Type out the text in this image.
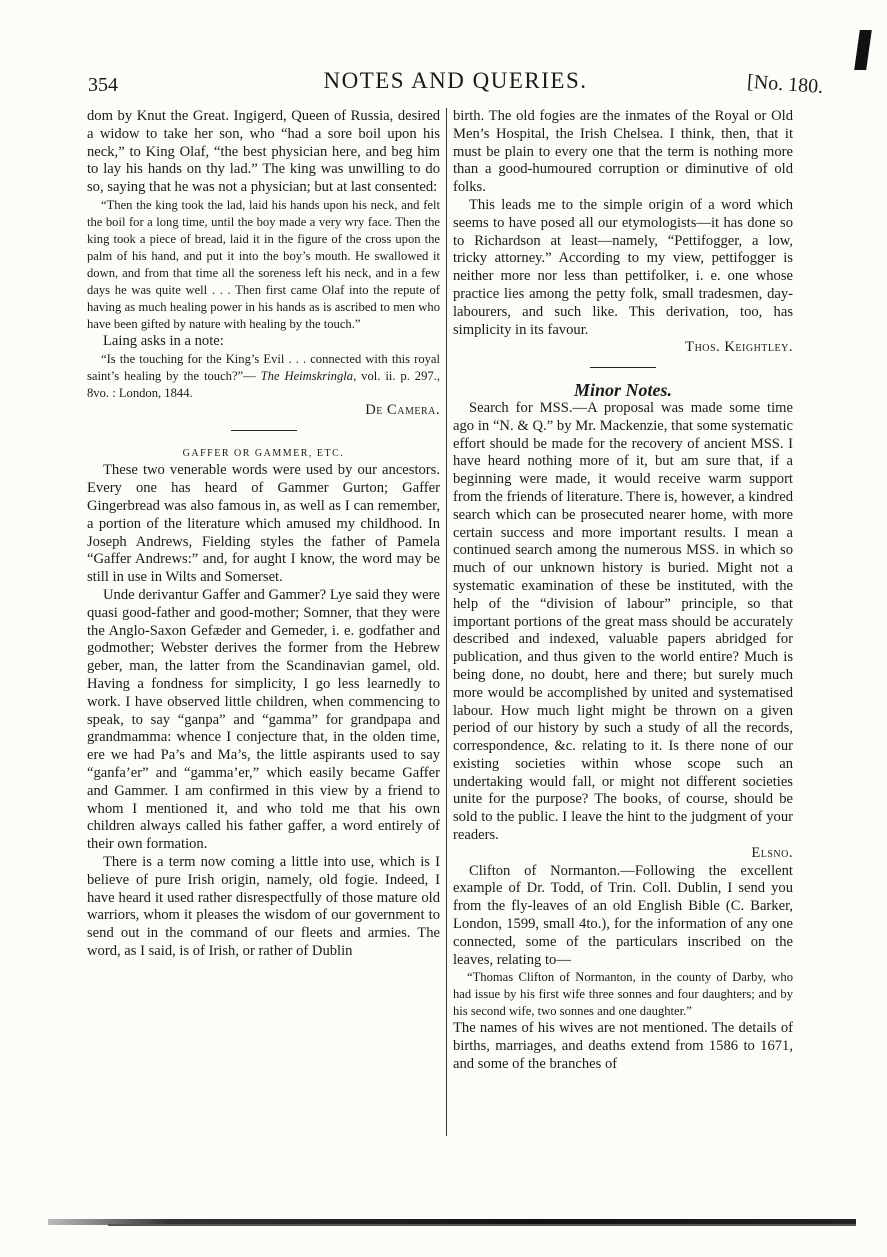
354	NOTES AND QUERIES.	[No. 180.

dom by Knut the Great. Ingigerd, Queen of Russia, desired a widow to take her son, who “had a sore boil upon his neck,” to King Olaf, “the best physician here, and beg him to lay his hands on thy lad.” The king was unwilling to do so, saying that he was not a physician; but at last consented:

“Then the king took the lad, laid his hands upon his neck, and felt the boil for a long time, until the boy made a very wry face. Then the king took a piece of bread, laid it in the figure of the cross upon the palm of his hand, and put it into the boy’s mouth. He swallowed it down, and from that time all the soreness left his neck, and in a few days he was quite well . . . Then first came Olaf into the repute of having as much healing power in his hands as is ascribed to men who have been gifted by nature with healing by the touch.”

Laing asks in a note:

“Is the touching for the King’s Evil . . . connected with this royal saint’s healing by the touch?”— The Heimskringla, vol. ii. p. 297., 8vo. : London, 1844.

De Camera.

GAFFER OR GAMMER, ETC.

These two venerable words were used by our ancestors. Every one has heard of Gammer Gurton; Gaffer Gingerbread was also famous in, as well as I can remember, a portion of the literature which amused my childhood. In Joseph Andrews, Fielding styles the father of Pamela “Gaffer Andrews:” and, for aught I know, the word may be still in use in Wilts and Somerset.

Unde derivantur Gaffer and Gammer? Lye said they were quasi good-father and good-mother; Somner, that they were the Anglo-Saxon Gefæder and Gemeder, i. e. godfather and godmother; Webster derives the former from the Hebrew geber, man, the latter from the Scandinavian gamel, old. Having a fondness for simplicity, I go less learnedly to work. I have observed little children, when commencing to speak, to say “ganpa” and “gamma” for grandpapa and grandmamma: whence I conjecture that, in the olden time, ere we had Pa’s and Ma’s, the little aspirants used to say “ganfa’er” and “gamma’er,” which easily became Gaffer and Gammer. I am confirmed in this view by a friend to whom I mentioned it, and who told me that his own children always called his father gaffer, a word entirely of their own formation.

There is a term now coming a little into use, which is I believe of pure Irish origin, namely, old fogie. Indeed, I have heard it used rather disrespectfully of those mature old warriors, whom it pleases the wisdom of our government to send out in the command of our fleets and armies. The word, as I said, is of Irish, or rather of Dublin

birth. The old fogies are the inmates of the Royal or Old Men’s Hospital, the Irish Chelsea. I think, then, that it must be plain to every one that the term is nothing more than a good-humoured corruption or diminutive of old folks.

This leads me to the simple origin of a word which seems to have posed all our etymologists—it has done so to Richardson at least—namely, “Pettifogger, a low, tricky attorney.” According to my view, pettifogger is neither more nor less than pettifolker, i. e. one whose practice lies among the petty folk, small tradesmen, day-labourers, and such like. This derivation, too, has simplicity in its favour.

Thos. Keightley.

Minor Notes.

Search for MSS.—A proposal was made some time ago in “N. & Q.” by Mr. Mackenzie, that some systematic effort should be made for the recovery of ancient MSS. I have heard nothing more of it, but am sure that, if a beginning were made, it would receive warm support from the friends of literature. There is, however, a kindred search which can be prosecuted nearer home, with more certain success and more important results. I mean a continued search among the numerous MSS. in which so much of our unknown history is buried. Might not a systematic examination of these be instituted, with the help of the “division of labour” principle, so that important portions of the great mass should be accurately described and indexed, valuable papers abridged for publication, and thus given to the world entire? Much is being done, no doubt, here and there; but surely much more would be accomplished by united and systematised labour. How much light might be thrown on a given period of our history by such a study of all the records, correspondence, &c. relating to it. Is there none of our existing societies within whose scope such an undertaking would fall, or might not different societies unite for the purpose? The books, of course, should be sold to the public. I leave the hint to the judgment of your readers.

Elsno.

Clifton of Normanton.—Following the excellent example of Dr. Todd, of Trin. Coll. Dublin, I send you from the fly-leaves of an old English Bible (C. Barker, London, 1599, small 4to.), for the information of any one connected, some of the particulars inscribed on the leaves, relating to—

“Thomas Clifton of Normanton, in the county of Darby, who had issue by his first wife three sonnes and four daughters; and by his second wife, two sonnes and one daughter.”

The names of his wives are not mentioned. The details of births, marriages, and deaths extend from 1586 to 1671, and some of the branches of
